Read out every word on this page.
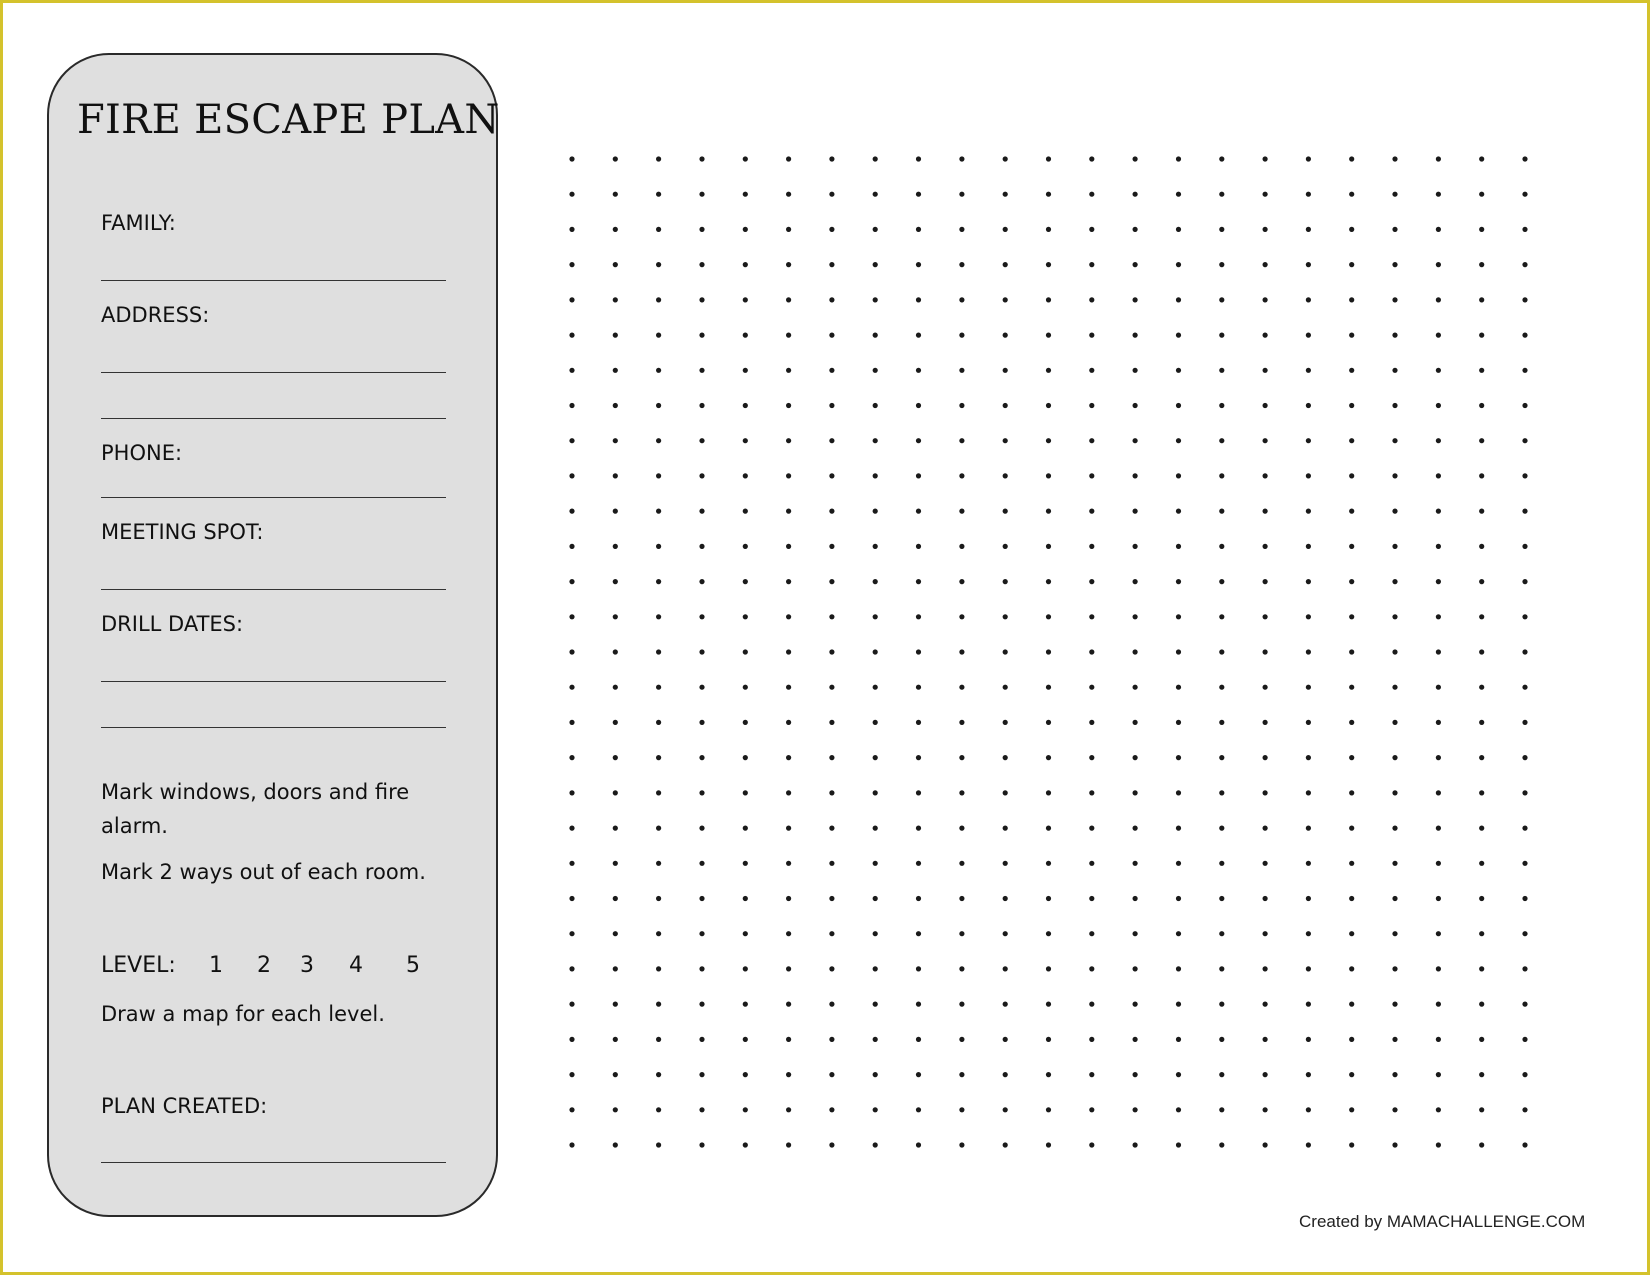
FIRE ESCAPE PLAN
FAMILY:
ADDRESS:
PHONE:
MEETING SPOT:
DRILL DATES:
Mark windows, doors and fire alarm.
Mark 2 ways out of each room.
LEVEL: 1 2 3 4 5
Draw a map for each level.
PLAN CREATED:
Created by MAMACHALLENGE.COM
